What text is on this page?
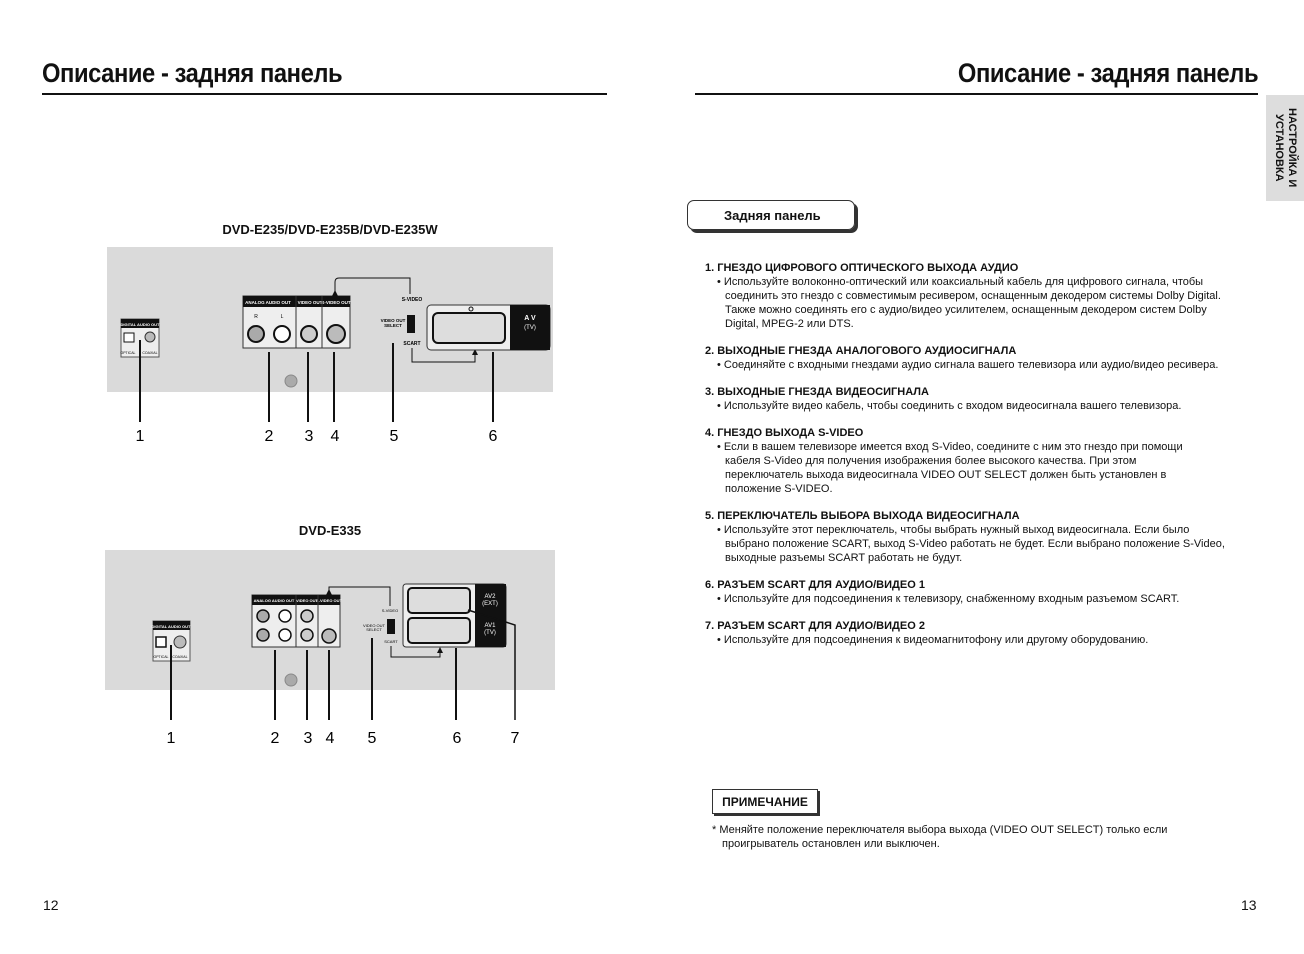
Описание - задняя панель	Описание - задняя панель
НАСТРОЙКА И
УСТАНОВКА
DVD-E235/DVD-E235B/DVD-E235W
DVD-E335
DIGITAL AUDIO OUT
OPTICAL COAXIAL
ANALOG AUDIO OUT VIDEO OUT
S-VIDEO OUT
R	L
S-VIDEO
VIDEO OUT
SELECT
SCART
A V
(TV)
1	2 3 4	5	6
DIGITAL AUDIO OUT
OPTICAL COAXIAL
ANALOG AUDIO OUT VIDEO OUT
S-VIDEO OUT
S-VIDEO
VIDEO OUT
SELECT
SCART
AV2
(EXT)
AV1
(TV)
1	2 3 4 5	6	7
Задняя панель
1. ГНЕЗДО ЦИФРОВОГО ОПТИЧЕСКОГО ВЫХОДА АУДИО

• Используйте волоконно-оптический или коаксиальный кабель для цифрового сигнала, чтобы соединить это гнездо с совместимым ресивером, оснащенным декодером системы Dolby Digital. Также можно соединять его с аудио/видео усилителем, оснащенным декодером систем Dolby Digital, MPEG-2 или DTS.

2. ВЫХОДНЫЕ ГНЕЗДА АНАЛОГОВОГО АУДИОСИГНАЛА

• Соединяйте с входными гнездами аудио сигнала вашего телевизора или аудио/видео ресивера.

3. ВЫХОДНЫЕ ГНЕЗДА ВИДЕОСИГНАЛА

• Используйте видео кабель, чтобы соединить с входом видеосигнала вашего телевизора.

4. ГНЕЗДО ВЫХОДА S-VIDEO

• Если в вашем телевизоре имеется вход S-Video, соедините с ним это гнездо при помощи кабеля S-Video для получения изображения более высокого качества. При этом переключатель выхода видеосигнала VIDEO OUT SELECT должен быть установлен в положение S-VIDEO.

5. ПЕРЕКЛЮЧАТЕЛЬ ВЫБОРА ВЫХОДА ВИДЕОСИГНАЛА

• Используйте этот переключатель, чтобы выбрать нужный выход видеосигнала. Если было выбрано положение SCART, выход S-Video работать не будет. Если выбрано положение S-Video, выходные разъемы SCART работать не будут.

6. РАЗЪЕМ SCART ДЛЯ АУДИО/ВИДЕО 1

• Используйте для подсоединения к телевизору, снабженному входным разъемом SCART.

7. РАЗЪЕМ SCART ДЛЯ АУДИО/ВИДЕО 2

• Используйте для подсоединения к видеомагнитофону или другому оборудованию.

ПРИМЕЧАНИЕ
* Меняйте положение переключателя выбора выхода (VIDEO OUT SELECT) только если проигрыватель остановлен или выключен.
12	13
